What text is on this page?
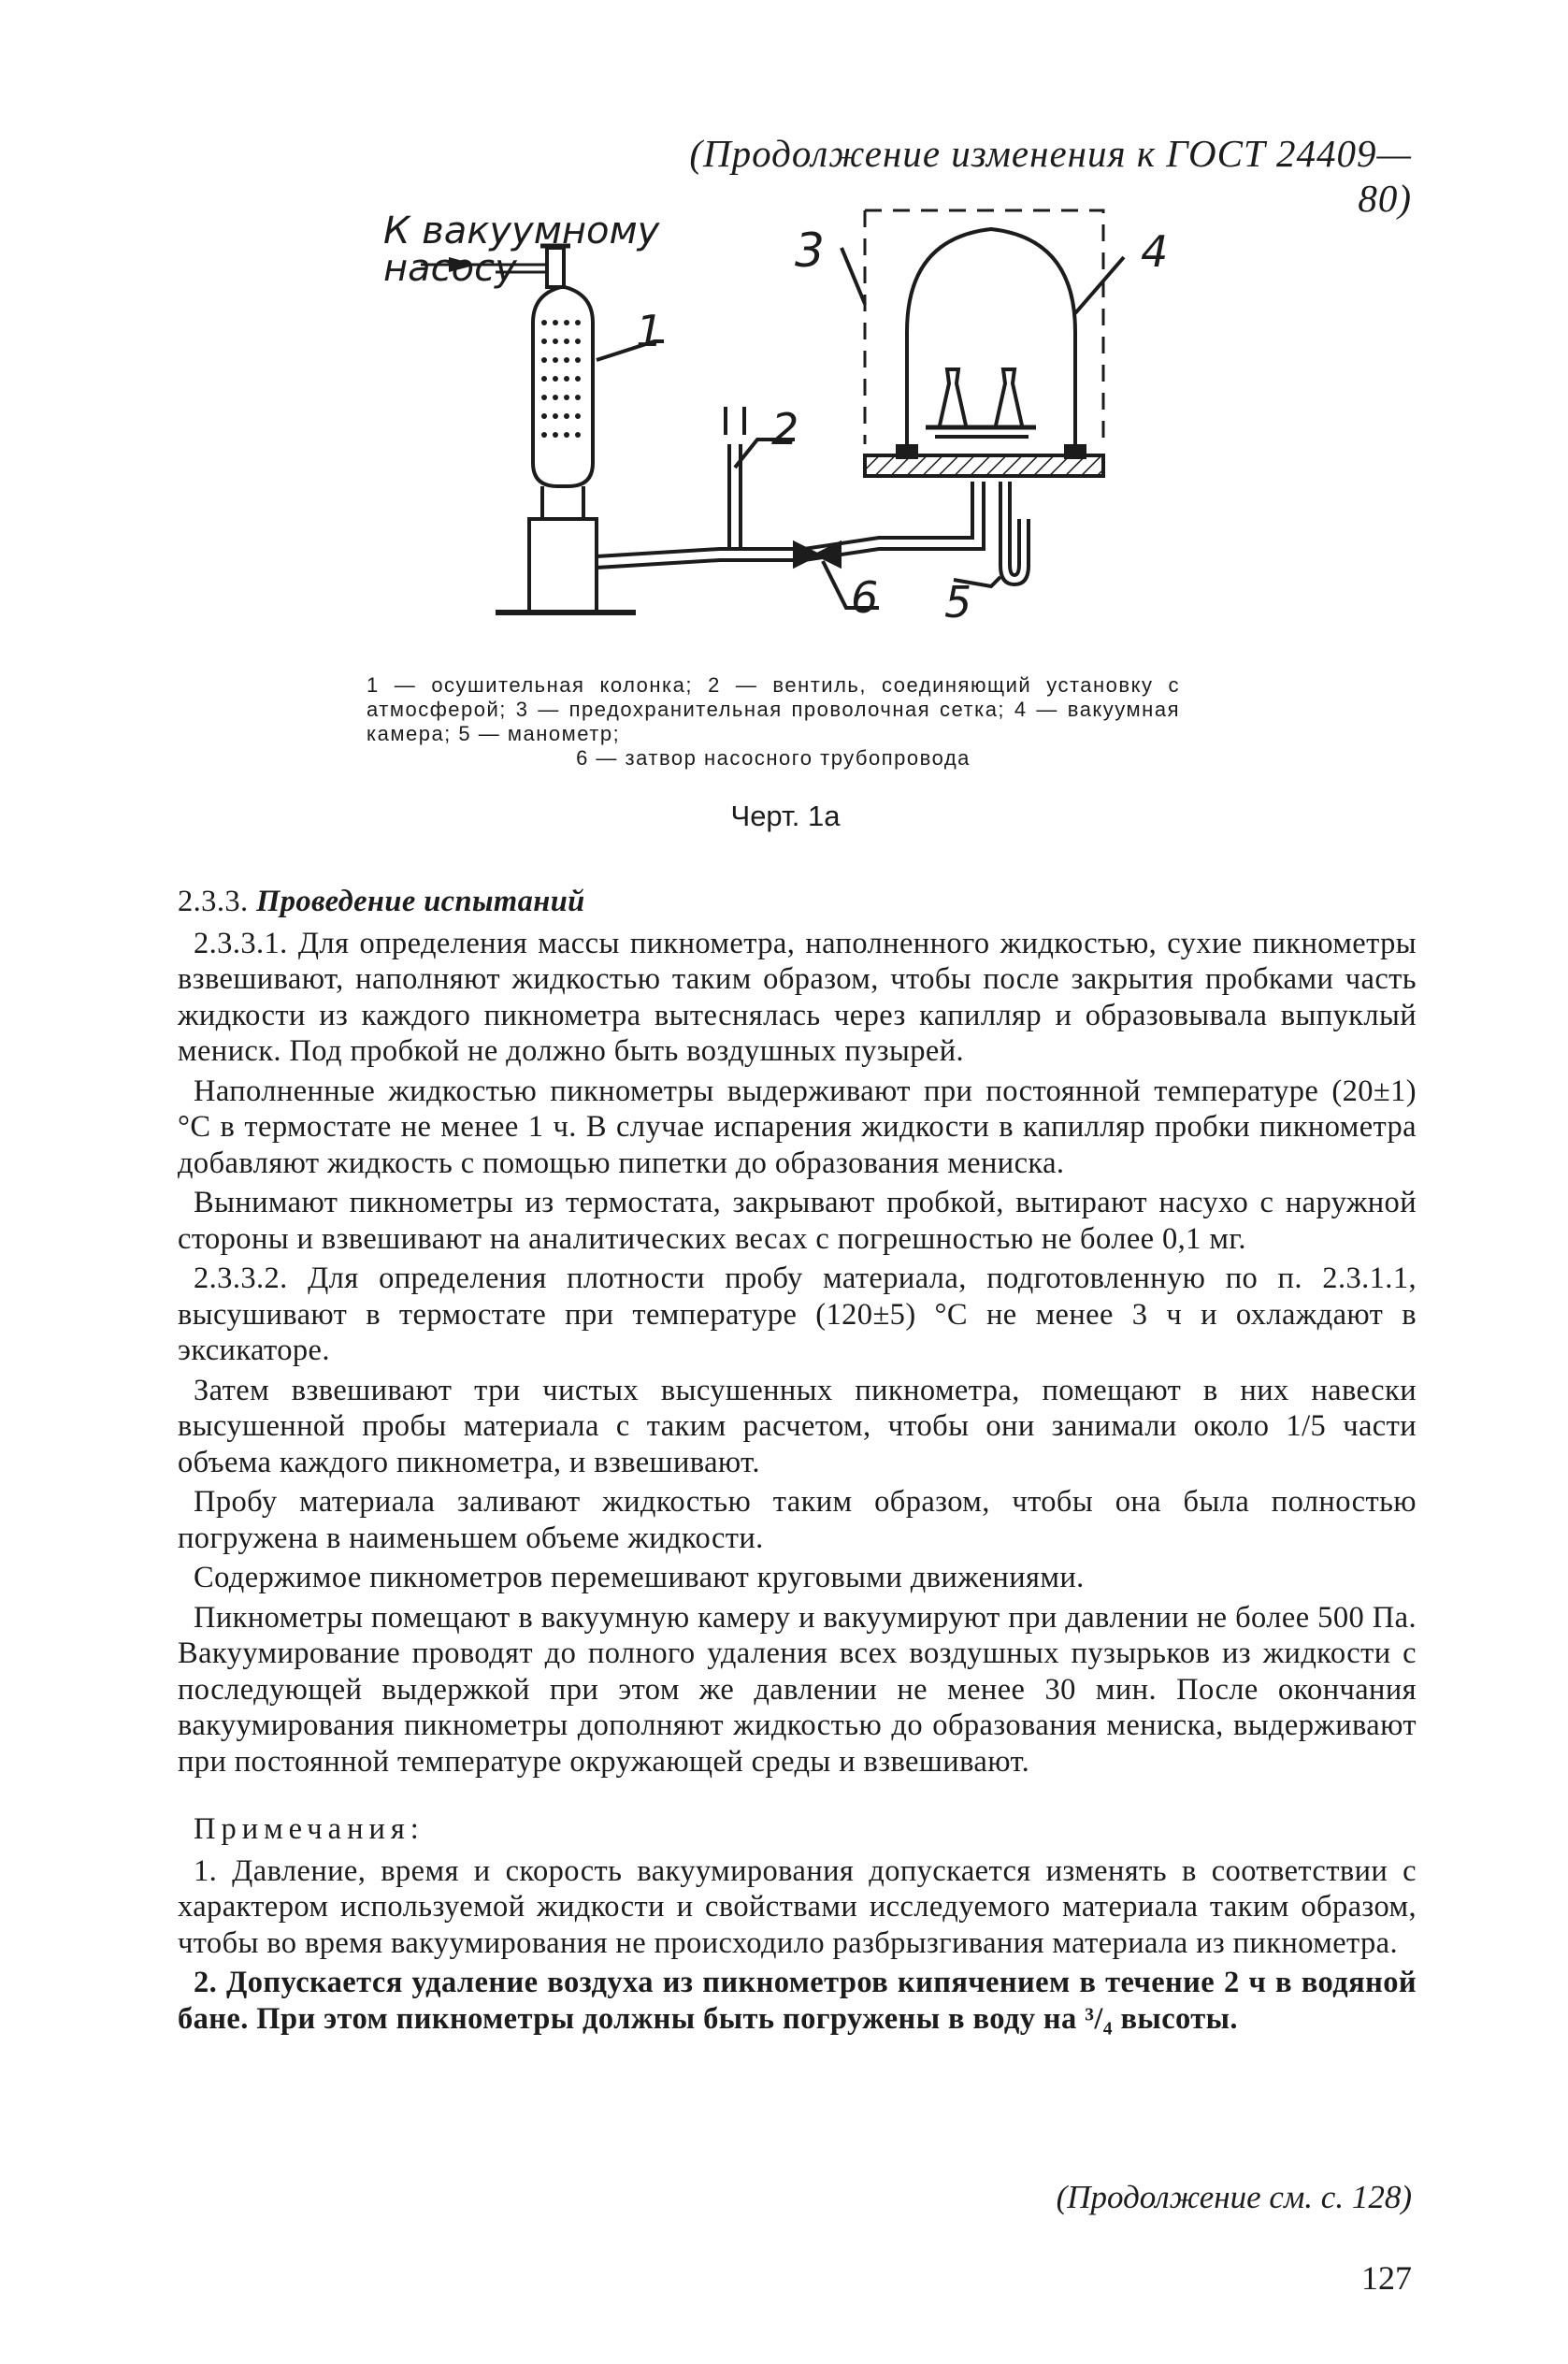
(Продолжение изменения к ГОСТ 24409—80)
К вакуумному
насосу
1
2
3	4
5
6
1 — осушительная колонка; 2 — вентиль, соединяющий установку с атмосферой; 3 — предохранительная проволочная сетка; 4 — вакуумная камера; 5 — манометр;
6 — затвор насосного трубопровода
Черт. 1а

2.3.3. Проведение испытаний

2.3.3.1. Для определения массы пикнометра, наполненного жидкостью, сухие пикнометры взвешивают, наполняют жидкостью таким образом, чтобы после закрытия пробками часть жидкости из каждого пикнометра вытеснялась через капилляр и образовывала выпуклый мениск. Под пробкой не должно быть воздушных пузырей.

Наполненные жидкостью пикнометры выдерживают при постоянной температуре (20±1) °С в термостате не менее 1 ч. В случае испарения жидкости в капилляр пробки пикнометра добавляют жидкость с помощью пипетки до образования мениска.

Вынимают пикнометры из термостата, закрывают пробкой, вытирают насухо с наружной стороны и взвешивают на аналитических весах с погрешностью не более 0,1 мг.

2.3.3.2. Для определения плотности пробу материала, подготовленную по п. 2.3.1.1, высушивают в термостате при температуре (120±5) °С не менее 3 ч и охлаждают в эксикаторе.

Затем взвешивают три чистых высушенных пикнометра, помещают в них навески высушенной пробы материала с таким расчетом, чтобы они занимали около 1/5 части объема каждого пикнометра, и взвешивают.

Пробу материала заливают жидкостью таким образом, чтобы она была полностью погружена в наименьшем объеме жидкости.

Содержимое пикнометров перемешивают круговыми движениями.

Пикнометры помещают в вакуумную камеру и вакуумируют при давлении не более 500 Па. Вакуумирование проводят до полного удаления всех воздушных пузырьков из жидкости с последующей выдержкой при этом же давлении не менее 30 мин. После окончания вакуумирования пикнометры дополняют жидкостью до образования мениска, выдерживают при постоянной температуре окружающей среды и взвешивают.

Примечания:

1. Давление, время и скорость вакуумирования допускается изменять в соответствии с характером используемой жидкости и свойствами исследуемого материала таким образом, чтобы во время вакуумирования не происходило разбрызгивания материала из пикнометра.

2. Допускается удаление воздуха из пикнометров кипячением в течение 2 ч в водяной бане. При этом пикнометры должны быть погружены в воду на ³/₄ высоты.

(Продолжение см. с. 128)
127
